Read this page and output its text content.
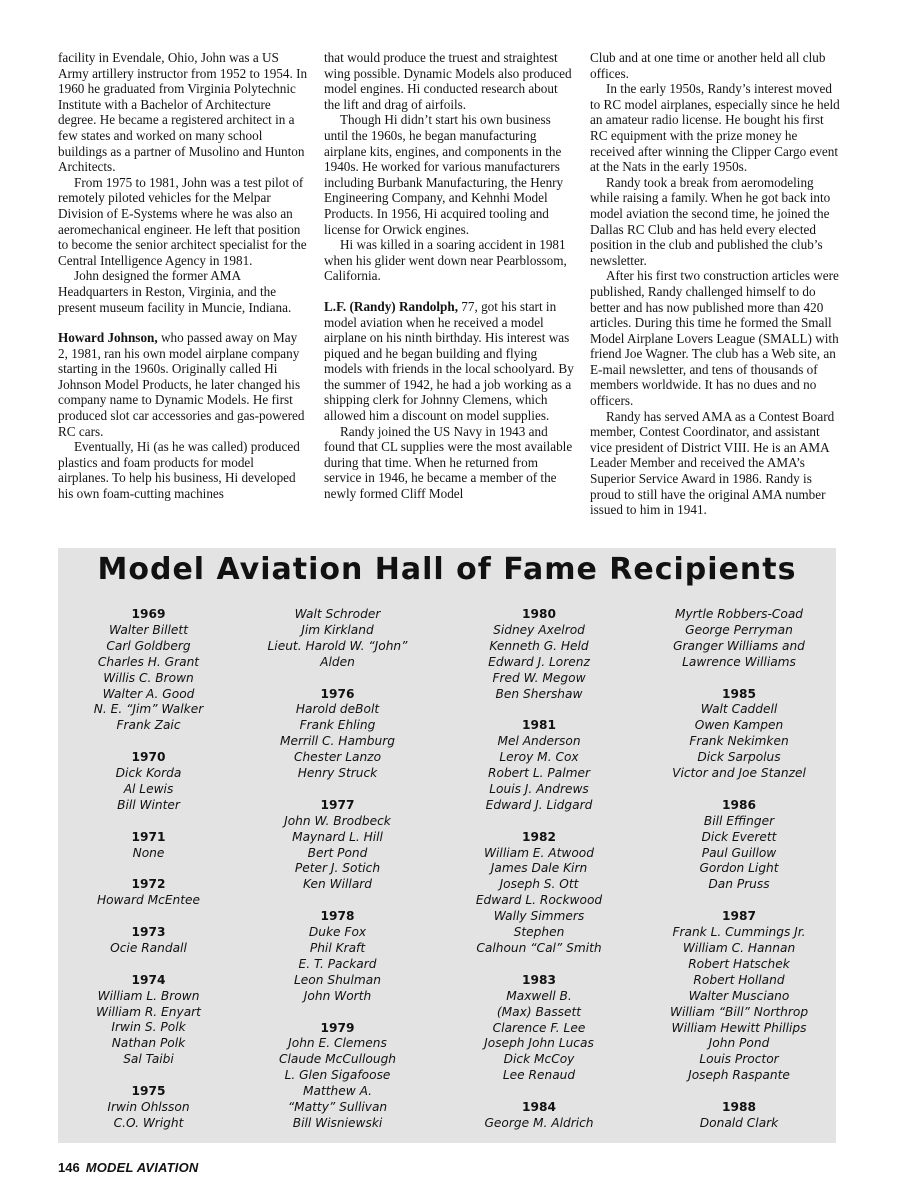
facility in Evendale, Ohio, John was a US Army artillery instructor from 1952 to 1954. In 1960 he graduated from Virginia Polytechnic Institute with a Bachelor of Architecture degree. He became a registered architect in a few states and worked on many school buildings as a partner of Musolino and Hunton Architects.

From 1975 to 1981, John was a test pilot of remotely piloted vehicles for the Melpar Division of E-Systems where he was also an aeromechanical engineer. He left that position to become the senior architect specialist for the Central Intelligence Agency in 1981.

John designed the former AMA Headquarters in Reston, Virginia, and the present museum facility in Muncie, Indiana.

Howard Johnson, who passed away on May 2, 1981, ran his own model airplane company starting in the 1960s. Originally called Hi Johnson Model Products, he later changed his company name to Dynamic Models. He first produced slot car accessories and gas-powered RC cars.

Eventually, Hi (as he was called) produced plastics and foam products for model airplanes. To help his business, Hi developed his own foam-cutting machines

that would produce the truest and straightest wing possible. Dynamic Models also produced model engines. Hi conducted research about the lift and drag of airfoils.

Though Hi didn’t start his own business until the 1960s, he began manufacturing airplane kits, engines, and components in the 1940s. He worked for various manufacturers including Burbank Manufacturing, the Henry Engineering Company, and Kehnhi Model Products. In 1956, Hi acquired tooling and license for Orwick engines.

Hi was killed in a soaring accident in 1981 when his glider went down near Pearblossom, California.

L.F. (Randy) Randolph, 77, got his start in model aviation when he received a model airplane on his ninth birthday. His interest was piqued and he began building and flying models with friends in the local schoolyard. By the summer of 1942, he had a job working as a shipping clerk for Johnny Clemens, which allowed him a discount on model supplies.

Randy joined the US Navy in 1943 and found that CL supplies were the most available during that time. When he returned from service in 1946, he became a member of the newly formed Cliff Model

Club and at one time or another held all club offices.

In the early 1950s, Randy’s interest moved to RC model airplanes, especially since he held an amateur radio license. He bought his first RC equipment with the prize money he received after winning the Clipper Cargo event at the Nats in the early 1950s.

Randy took a break from aeromodeling while raising a family. When he got back into model aviation the second time, he joined the Dallas RC Club and has held every elected position in the club and published the club’s newsletter.

After his first two construction articles were published, Randy challenged himself to do better and has now published more than 420 articles. During this time he formed the Small Model Airplane Lovers League (SMALL) with friend Joe Wagner. The club has a Web site, an E-mail newsletter, and tens of thousands of members worldwide. It has no dues and no officers.

Randy has served AMA as a Contest Board member, Contest Coordinator, and assistant vice president of District VIII. He is an AMA Leader Member and received the AMA’s Superior Service Award in 1986. Randy is proud to still have the original AMA number issued to him in 1941.

Model Aviation Hall of Fame Recipients
1969
Walter Billett
Carl Goldberg
Charles H. Grant
Willis C. Brown
Walter A. Good
N. E. “Jim” Walker
Frank Zaic
1970
Dick Korda
Al Lewis
Bill Winter
1971
None
1972
Howard McEntee
1973
Ocie Randall
1974
William L. Brown
William R. Enyart
Irwin S. Polk
Nathan Polk
Sal Taibi
1975
Irwin Ohlsson
C.O. Wright
Walt Schroder
Jim Kirkland
Lieut. Harold W. “John”
Alden
1976
Harold deBolt
Frank Ehling
Merrill C. Hamburg
Chester Lanzo
Henry Struck
1977
John W. Brodbeck
Maynard L. Hill
Bert Pond
Peter J. Sotich
Ken Willard
1978
Duke Fox
Phil Kraft
E. T. Packard
Leon Shulman
John Worth
1979
John E. Clemens
Claude McCullough
L. Glen Sigafoose
Matthew A.
“Matty” Sullivan
Bill Wisniewski
1980
Sidney Axelrod
Kenneth G. Held
Edward J. Lorenz
Fred W. Megow
Ben Shershaw
1981
Mel Anderson
Leroy M. Cox
Robert L. Palmer
Louis J. Andrews
Edward J. Lidgard
1982
William E. Atwood
James Dale Kirn
Joseph S. Ott
Edward L. Rockwood
Wally Simmers
Stephen
Calhoun “Cal” Smith
1983
Maxwell B.
(Max) Bassett
Clarence F. Lee
Joseph John Lucas
Dick McCoy
Lee Renaud
1984
George M. Aldrich
Myrtle Robbers-Coad
George Perryman
Granger Williams and
Lawrence Williams
1985
Walt Caddell
Owen Kampen
Frank Nekimken
Dick Sarpolus
Victor and Joe Stanzel
1986
Bill Effinger
Dick Everett
Paul Guillow
Gordon Light
Dan Pruss
1987
Frank L. Cummings Jr.
William C. Hannan
Robert Hatschek
Robert Holland
Walter Musciano
William “Bill” Northrop
William Hewitt Phillips
John Pond
Louis Proctor
Joseph Raspante
1988
Donald Clark
146 MODEL AVIATION
